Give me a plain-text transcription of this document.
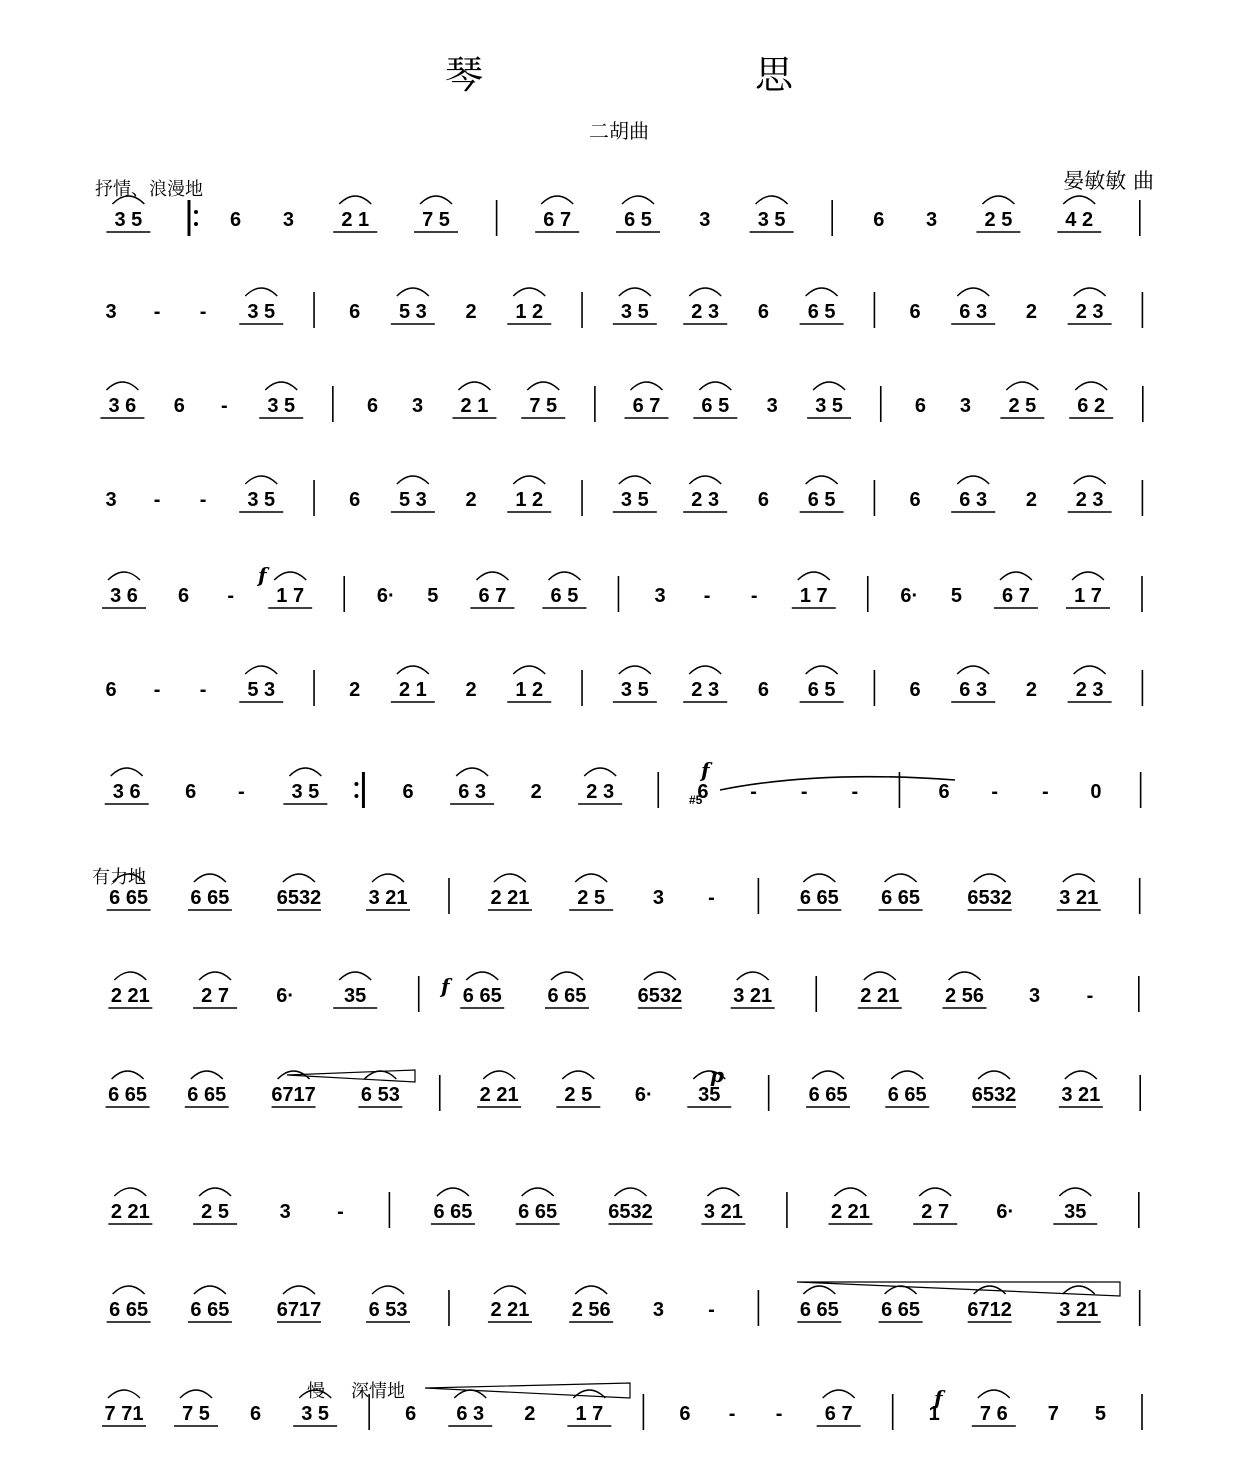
琴 思
二胡曲
晏敏敏 曲
抒情、浪漫地
有力地
慢 深情地
3 5	6 3 2 1	7 5	6 7	6 5 3 3 5	6 3 2 5	4 2
3 - - 3 5	6 5 3 2 1 2	3 5 2 3 6 6 5	6 6 3 2 2 3
3 6 6 - 3 5	6 3 2 1 7 5	6 7 6 5 3 3 5	6 3 2 5 6 2
3 - - 3 5	6 5 3 2 1 2	3 5 2 3 6 6 5	6 6 3 2 2 3
3 6 6 - 1 7	6· 5 6 7 6 5	3 - - 1 7	6· 5 6 7 1 7
6 - - 5 3	2 2 1 2 1 2	3 5 2 3 6 6 5	6 6 3 2 2 3
3 6 6 - 3 5	6 6 3 2 2 3	6 - - -	6 - - 0
6 65 6 65 6532 3 21	2 21 2 5 3 -	6 65 6 65 6532 3 21
2 21	2 7 6·	35	6 65 6 65	6532	3 21	2 21 2 56 3 -
6 65 6 65 6717 6 53	2 21 2 5 6· 35	6 65 6 65 6532 3 21
2 21	2 5	3 -	6 65 6 65	6532	3 21	2 21	2 7 6·	35
6 65 6 65 6717 6 53	2 21 2 56 3 -	6 65 6 65 6712 3 21
7 71 7 5 6 3 5	6 6 3 2 1 7	6 - - 6 7	1 7 6 7 5
f
f
f
p
f
#5
